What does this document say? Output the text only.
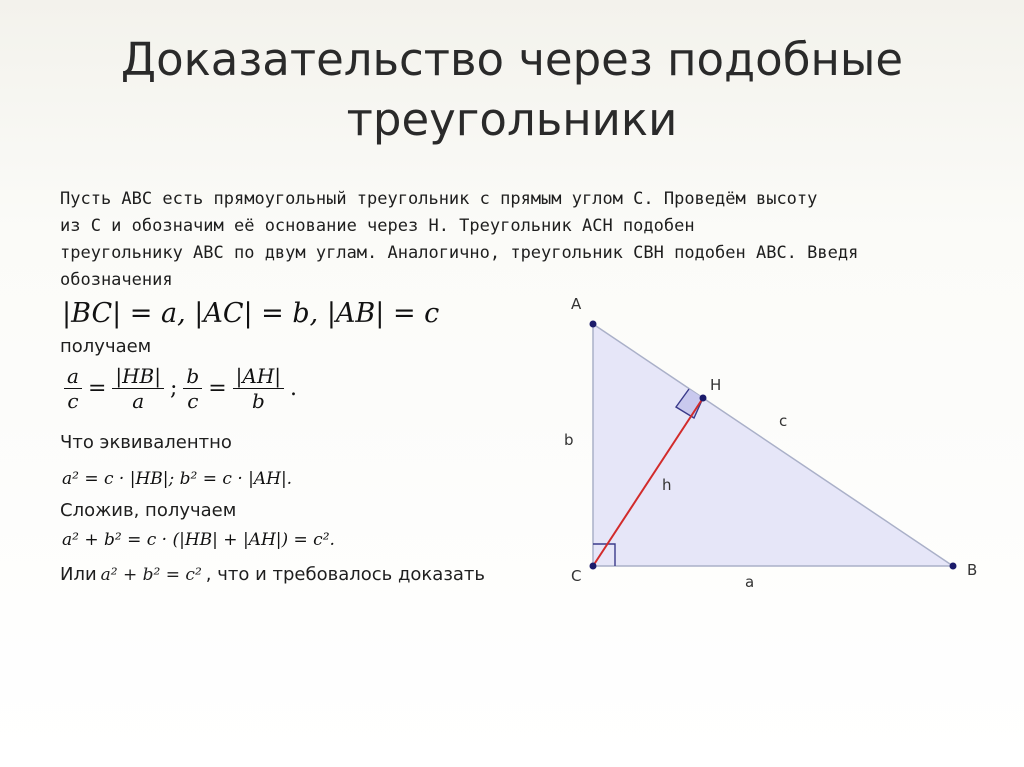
Доказательство через подобные
треугольники
Пусть ABC есть прямоугольный треугольник с прямым углом C. Проведём высоту
из C и обозначим её основание через H. Треугольник ACH подобен
треугольнику ABC по двум углам. Аналогично, треугольник CBH подобен ABC. Введя
обозначения
|BC| = a, |AC| = b, |AB| = c
получаем
$\frac{a}{c} = \frac{|HB|}{a}$ ; $\frac{b}{c} = \frac{|AH|}{b}$ .
Что эквивалентно
a² = c · |HB|; b² = c · |AH|.
Сложив, получаем
a² + b² = c · (|HB| + |AH|) = c².
Или a² + b² = c² , что и требовалось доказать
A
B
C
H
a
b
c
h
